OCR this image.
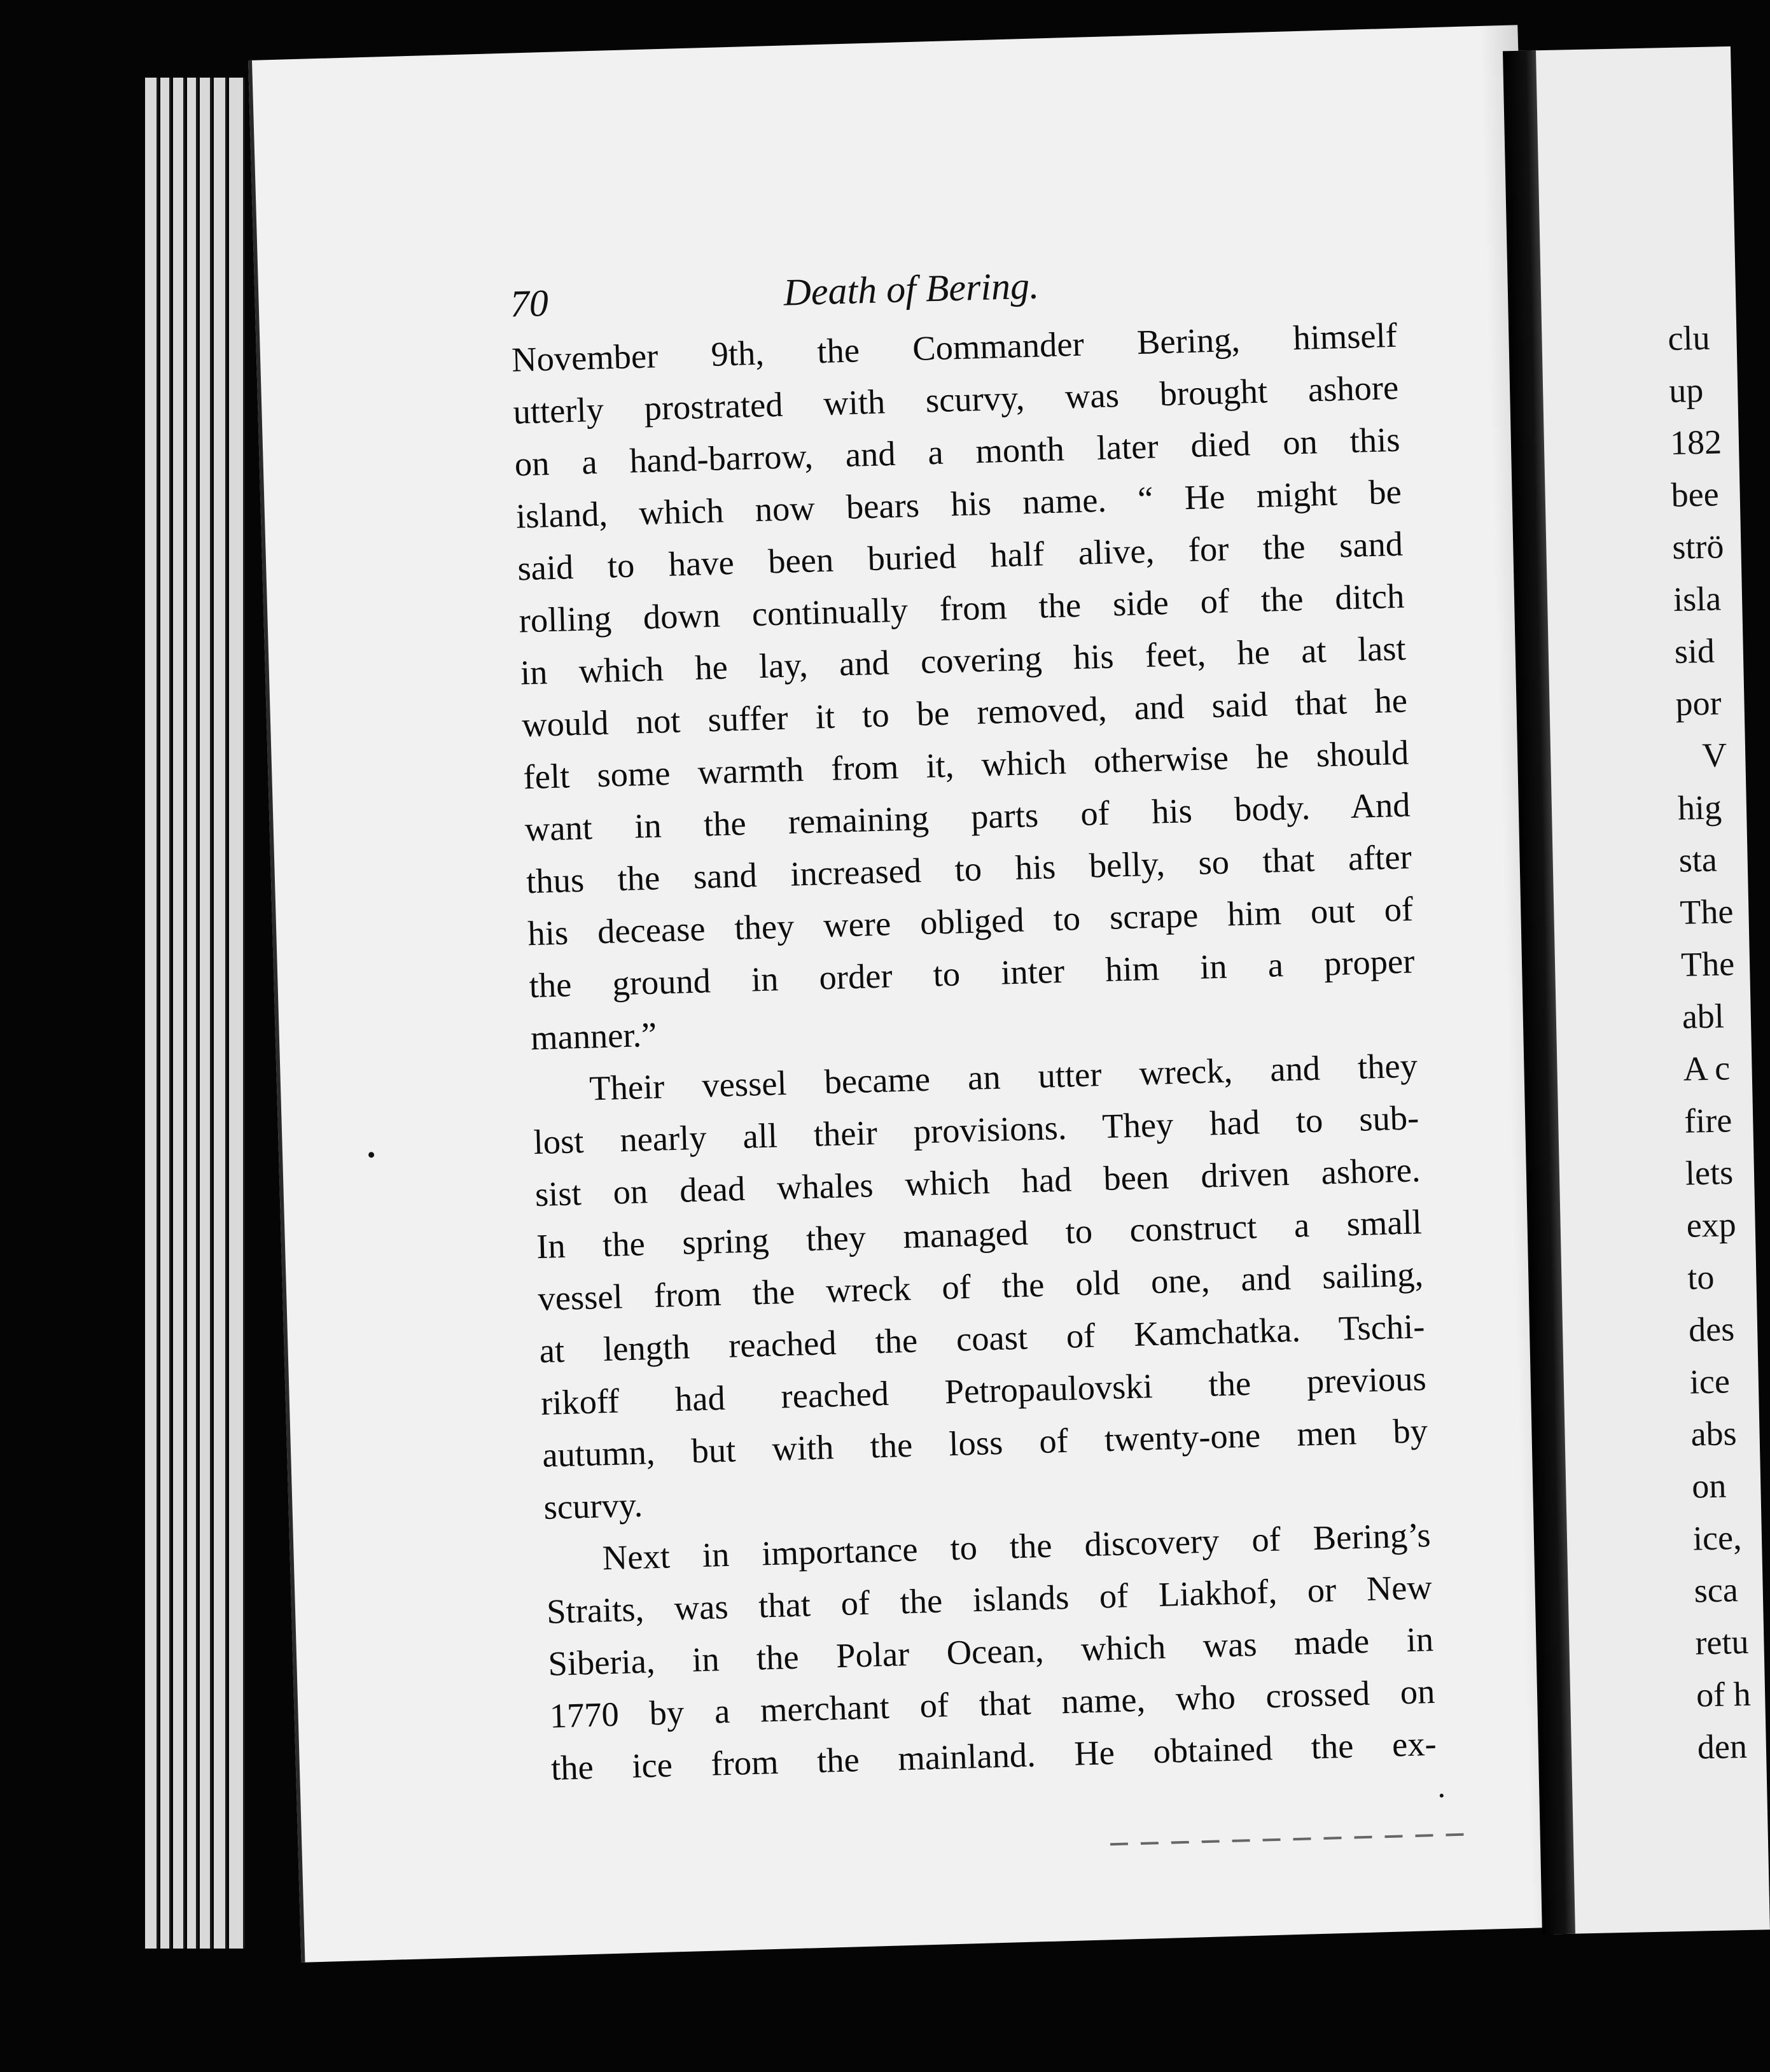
70	Death of Bering.
November 9th, the Commander Bering, himself
utterly prostrated with scurvy, was brought ashore
on a hand-barrow, and a month later died on this
island, which now bears his name. “ He might be
said to have been buried half alive, for the sand
rolling down continually from the side of the ditch
in which he lay, and covering his feet, he at last
would not suffer it to be removed, and said that he
felt some warmth from it, which otherwise he should
want in the remaining parts of his body. And
thus the sand increased to his belly, so that after
his decease they were obliged to scrape him out of
the ground in order to inter him in a proper
manner.”
Their vessel became an utter wreck, and they
lost nearly all their provisions. They had to sub-
sist on dead whales which had been driven ashore.
In the spring they managed to construct a small
vessel from the wreck of the old one, and sailing,
at length reached the coast of Kamchatka. Tschi-
rikoff had reached Petropaulovski the previous
autumn, but with the loss of twenty-one men by
scurvy.
Next in importance to the discovery of Bering’s
Straits, was that of the islands of Liakhof, or New
Siberia, in the Polar Ocean, which was made in
1770 by a merchant of that name, who crossed on
the ice from the mainland. He obtained the ex-
clu
up
182
bee
strö
isla
sid
por
V
hig
sta
The
The
abl
A c
fire
lets
exp
to
des
ice
abs
on
ice,
sca
retu
of h
den
